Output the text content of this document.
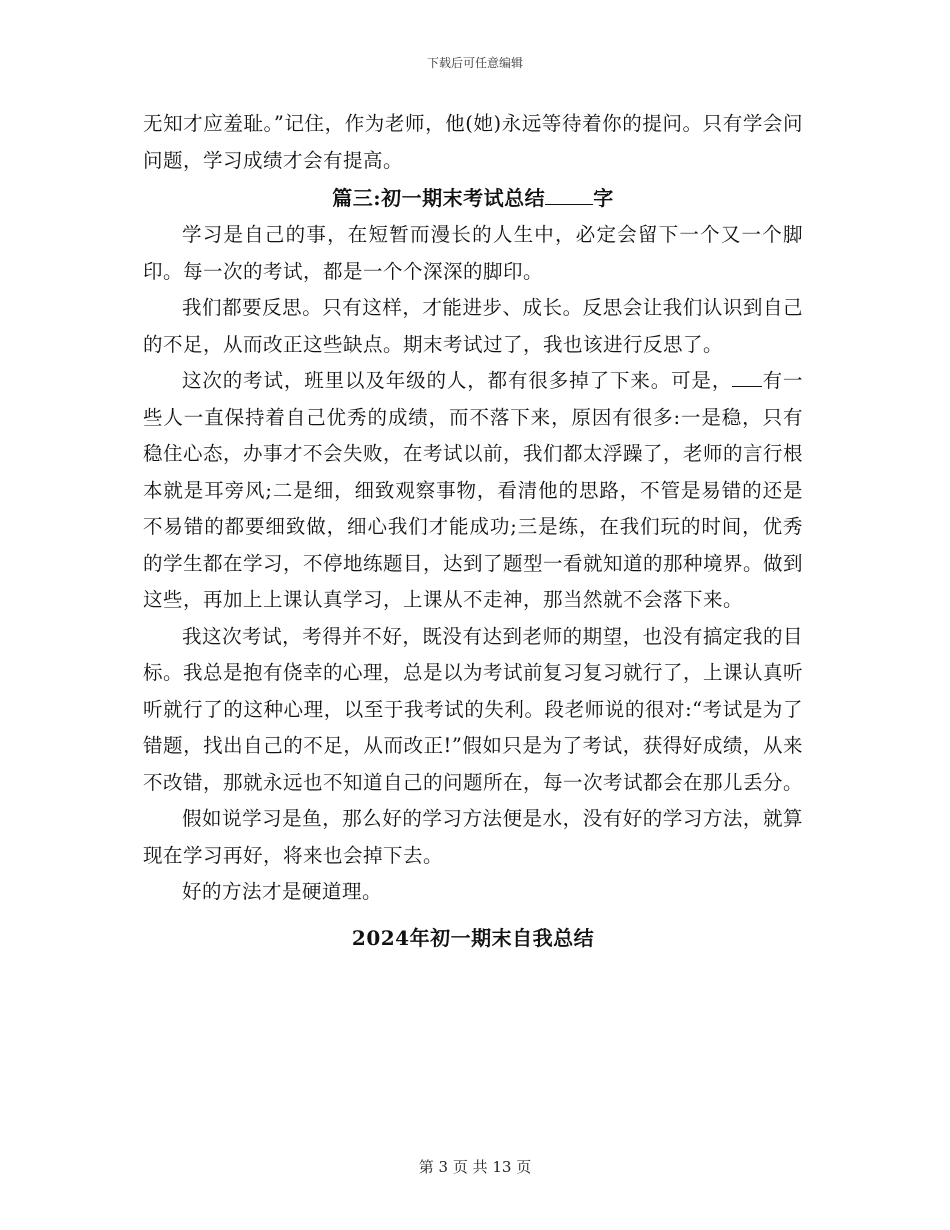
下载后可任意编辑

无知才应羞耻。”记住，作为老师，他(她)永远等待着你的提问。只有学会问问题，学习成绩才会有提高。

篇三:初一期末考试总结 字

学习是自己的事，在短暂而漫长的人生中，必定会留下一个又一个脚印。每一次的考试，都是一个个深深的脚印。

我们都要反思。只有这样，才能进步、成长。反思会让我们认识到自己的不足，从而改正这些缺点。期末考试过了，我也该进行反思了。

这次的考试，班里以及年级的人，都有很多掉了下来。可是， 有一些人一直保持着自己优秀的成绩，而不落下来，原因有很多:一是稳，只有稳住心态，办事才不会失败，在考试以前，我们都太浮躁了，老师的言行根本就是耳旁风;二是细，细致观察事物，看清他的思路，不管是易错的还是不易错的都要细致做，细心我们才能成功;三是练，在我们玩的时间，优秀的学生都在学习，不停地练题目，达到了题型一看就知道的那种境界。做到这些，再加上上课认真学习，上课从不走神，那当然就不会落下来。

我这次考试，考得并不好，既没有达到老师的期望，也没有搞定我的目标。我总是抱有侥幸的心理，总是以为考试前复习复习就行了，上课认真听听就行了的这种心理，以至于我考试的失利。段老师说的很对:“考试是为了错题，找出自己的不足，从而改正!”假如只是为了考试，获得好成绩，从来不改错，那就永远也不知道自己的问题所在，每一次考试都会在那儿丢分。

假如说学习是鱼，那么好的学习方法便是水，没有好的学习方法，就算现在学习再好，将来也会掉下去。

好的方法才是硬道理。

2024年初一期末自我总结

第 3 页 共 13 页
